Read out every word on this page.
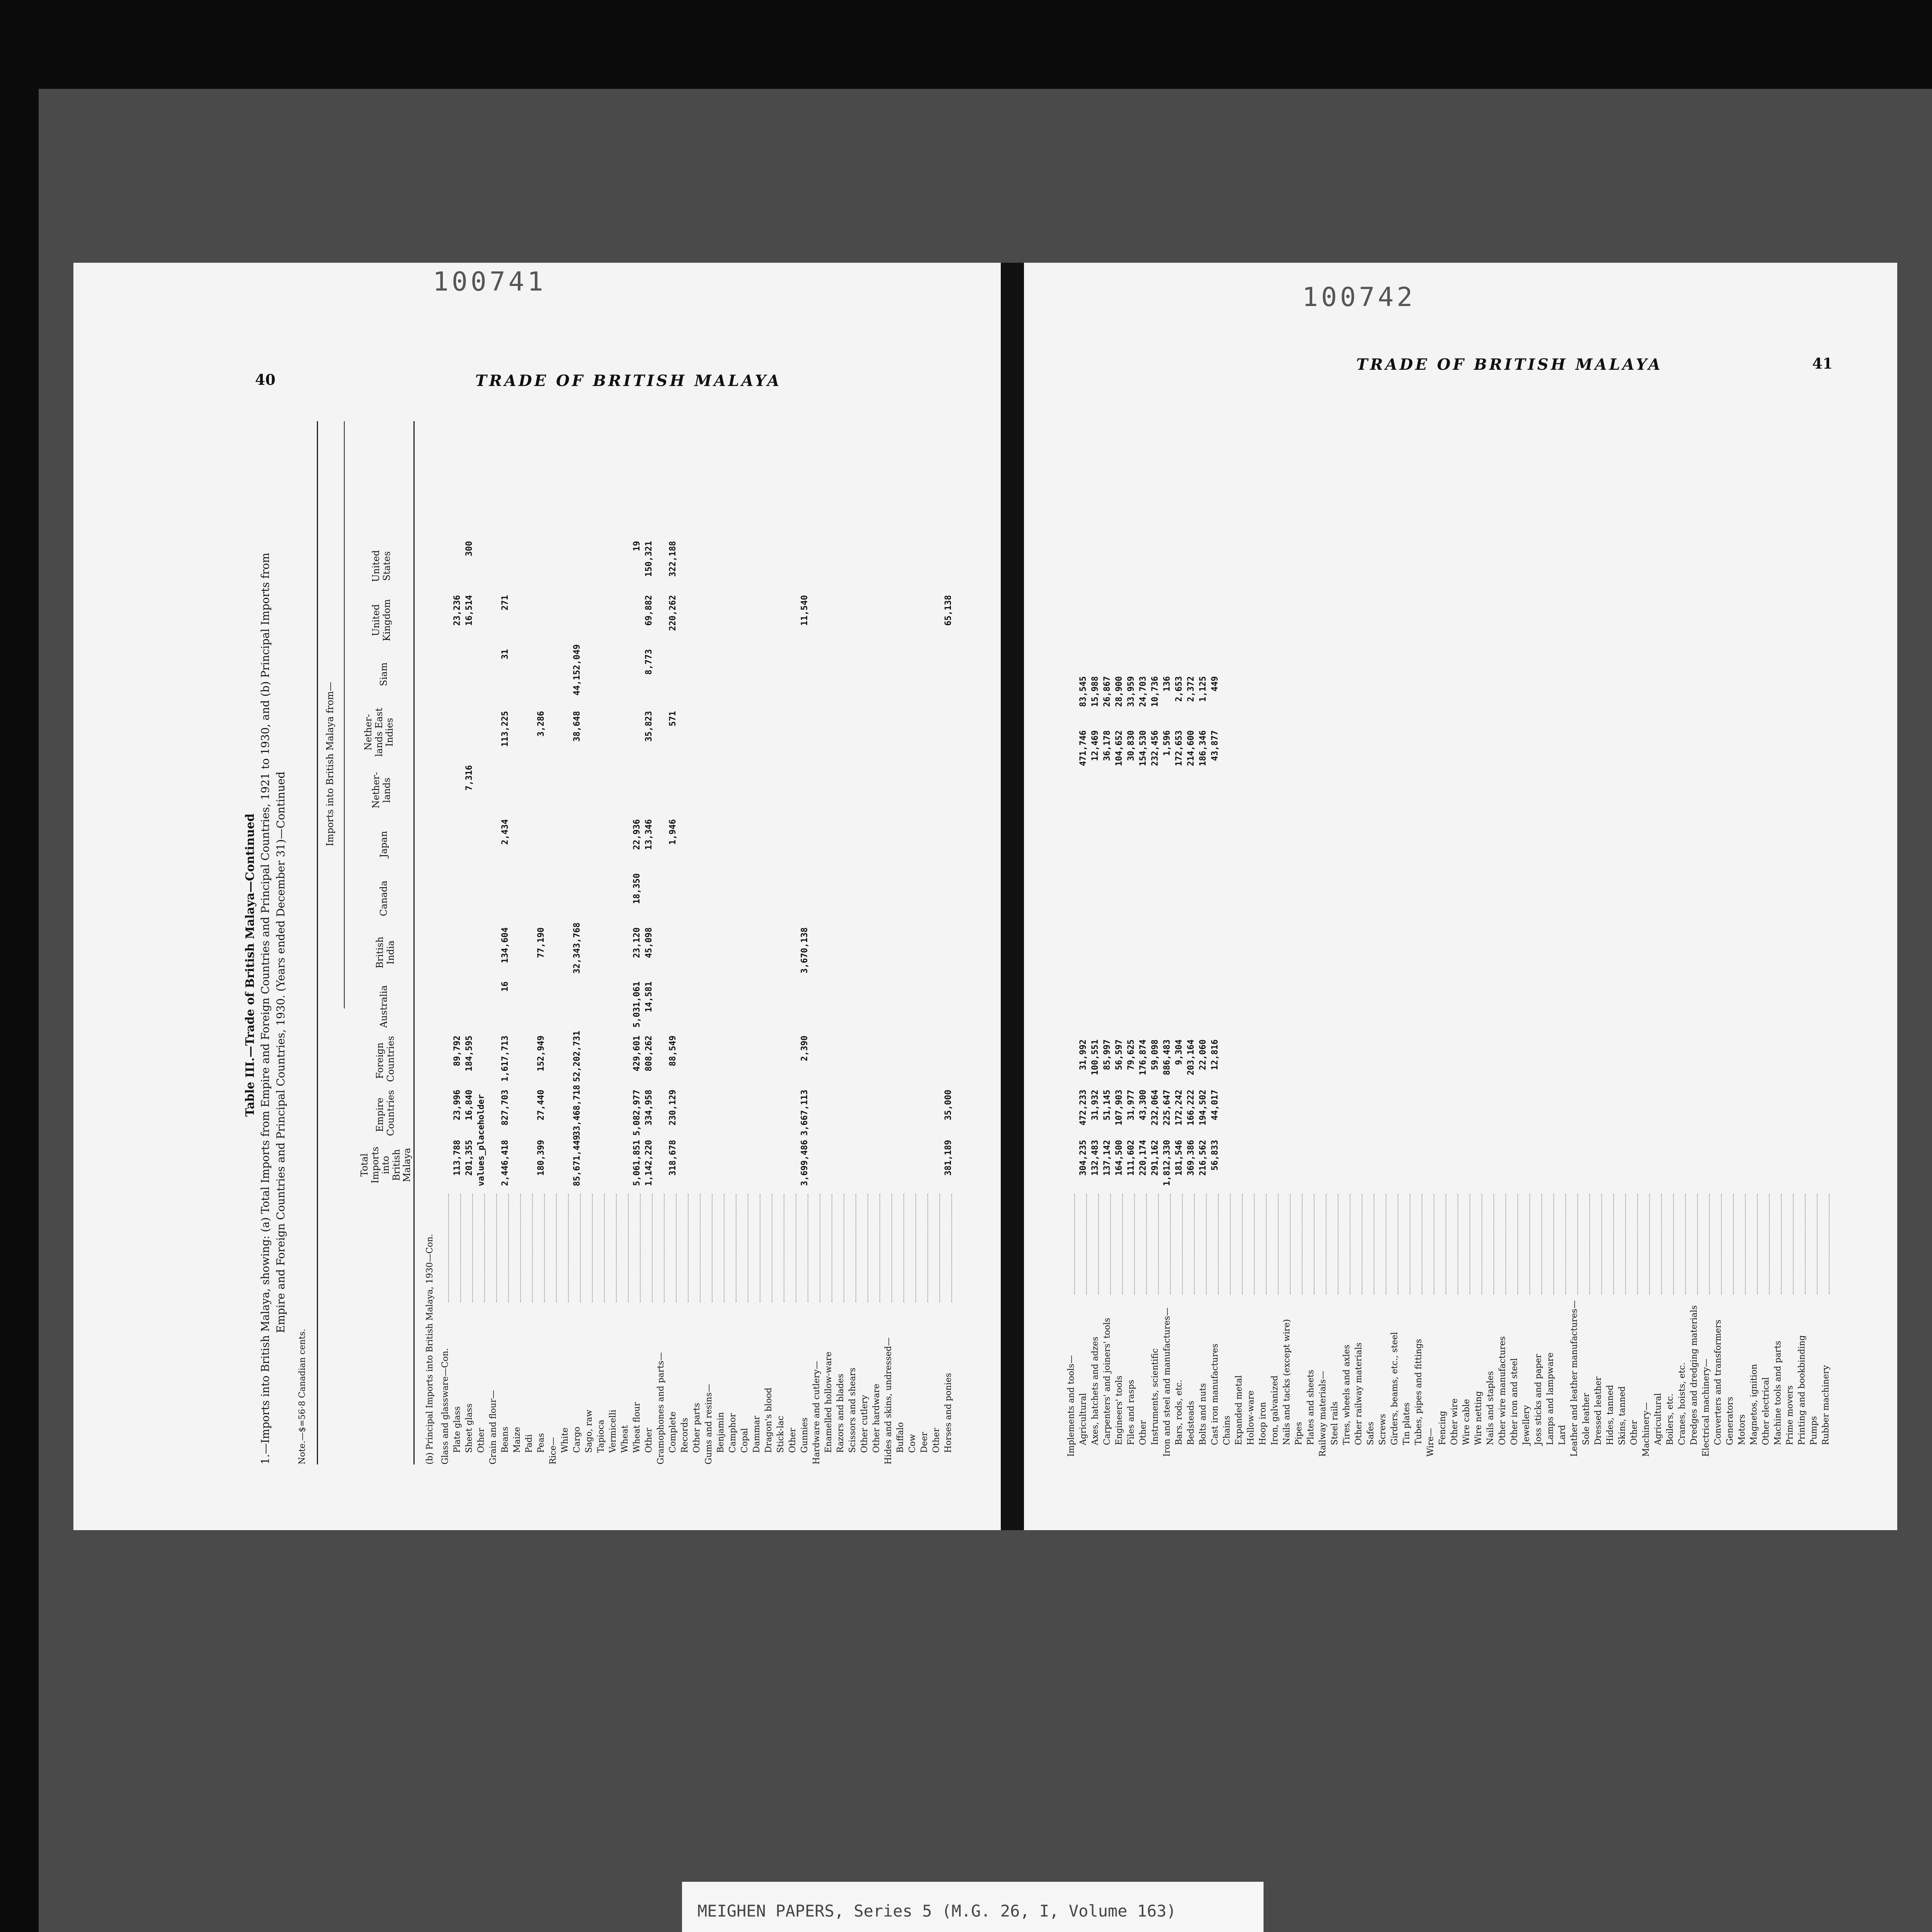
100741
40	TRADE OF BRITISH MALAYA
Table III.—Trade of British Malaya—Continued 1.—Imports into British Malaya, showing: (a) Total Imports from Empire and Foreign Countries and Principal Countries, 1921 to 1930, and (b) Principal Imports from Empire and Foreign Countries and Principal Countries, 1930. (Years ended December 31)—Continued
Note.—$=56·8 Canadian cents.
Imports into British Malaya from—
Total Imports into British Malaya
Empire Countries
Foreign Countries
Australia
British India
Canada
Japan
Nether- lands
Nether- lands East Indies
Siam
United Kingdom
United States
(b) Principal Imports into British Malaya, 1930—Con. Glass and glassware—Con. Plate glass
113,788
23,996
89,792
23,236
Sheet glass
201,355
16,840
184,595
7,316
16,514
300
Other
values_placeholder
Grain and flour— Beans
2,446,418
827,703
1,617,713
16
134,604
2,434
113,225
31
271
Maize Padi Peas
180,399
27,440
152,949
77,190
3,286
Rice— White Cargo
85,671,449
33,468,718
52,202,731
32,343,768
38,648
44,152,049
Sago, raw Tapioca Vermicelli Wheat Wheat flour
5,061,851
5,082,977
429,601
5,031,061
23,120
18,350
22,936
19
Other
1,142,220
334,958
808,262
14,581
45,098
13,346
35,823
8,773
69,882
150,321
Gramophones and parts— Complete
318,678
230,129
88,549
1,946
571
220,262
322,188
Records Other parts Gums and resins— Benjamin Camphor Copal Dammar Dragon's blood Stick-lac Other Gunnies
3,699,486
3,667,113
2,390
3,670,138
11,540
Hardware and cutlery— Enamelled hollow-ware Razors and blades Scissors and shears Other cutlery Other hardware Hides and skins, undressed— Buffalo Cow Deer Other Horses and ponies
381,189
35,000
65,138
100742
TRADE OF BRITISH MALAYA	41
Implements and tools— Agricultural Axes, hatchets and adzes Carpenters' and joiners' tools Engineers' tools Files and rasps Other Instruments, scientific Iron and steel and manufactures— Bars, rods, etc. Bedsteads Bolts and nuts Cast iron manufactures Chains Expanded metal Hollow-ware Hoop iron Iron, galvanized Nails and tacks (except wire) Pipes Plates and sheets Railway materials— Steel rails Tires, wheels and axles Other railway materials Safes Screws Girders, beams, etc., steel Tin plates Tubes, pipes and fittings Wire— Fencing Other wire Wire cable Wire netting Nails and staples Other wire manufactures Other iron and steel Jewellery Joss sticks and paper Lamps and lampware Lard Leather and leather manufactures— Sole leather Dressed leather Hides, tanned Skins, tanned Other Machinery— Agricultural Boilers, etc. Cranes, hoists, etc. Dredges and dredging materials Electrical machinery— Converters and transformers Generators Motors Magnetos, ignition Other electrical Machine tools and parts Prime movers Printing and bookbinding Pumps Rubber machinery
304,235 132,483 137,142 164,500 111,602 220,174 291,162 1,812,330 181,546 369,386 216,562 56,833
472,233 31,932 51,145 107,903 31,977 43,300 232,064 225,647 172,242 166,222 194,502 44,017
31,992 100,551 85,997 56,597 79,625 176,874 59,098 886,483 9,304 203,164 22,060 12,816
471,746 12,469 36,178 104,652 30,830 154,530 232,456 1,596 172,653 214,600 186,346 43,877
83,545 15,988 26,867 28,900 33,959 24,703 10,736 136 2,653 2,372 1,125 449
MEIGHEN PAPERS, Series 5 (M.G. 26, I, Volume 163)
